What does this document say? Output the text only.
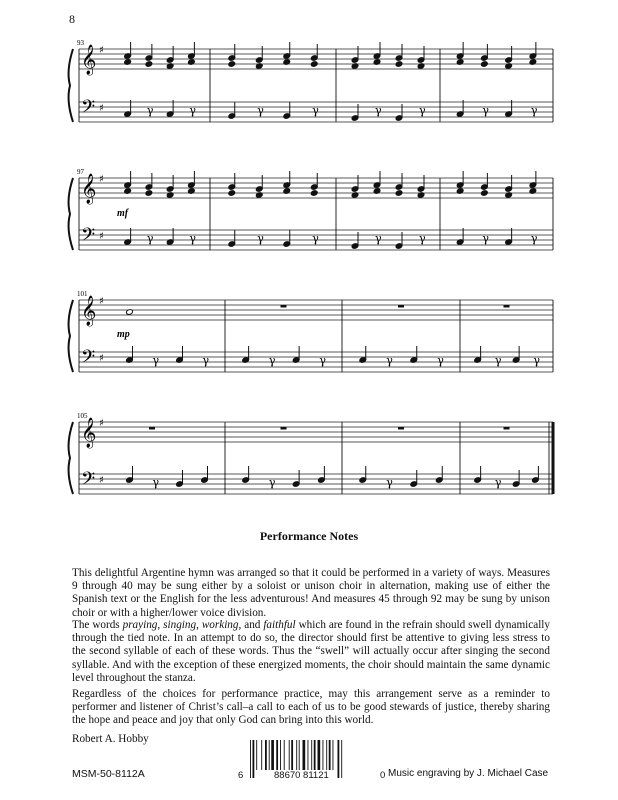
8
𝄞
𝄢
♯
♯
93
γ	γ	γ	γ	γ	γ	γ	γ
𝄞
𝄢
♯
♯
97
γ	γ	γ	γ	γ	γ	γ	γ
mf
𝄞
𝄢
♯
♯
101
γ	γ	γ	γ	γ	γ	γ	γ
mp
𝄞
𝄢
♯
♯
105
γ	γ	γ	γ
Performance Notes
This delightful Argentine hymn was arranged so that it could be performed in a variety of ways. Measures 9 through 40 may be sung either by a soloist or unison choir in alternation, making use of either the Spanish text or the English for the less adventurous! And measures 45 through 92 may be sung by unison choir or with a higher/lower voice division.
The words praying, singing, working, and faithful which are found in the refrain should swell dynamically through the tied note. In an attempt to do so, the director should first be attentive to giving less stress to the second syllable of each of these words. Thus the “swell” will actually occur after singing the second syllable. And with the exception of these energized moments, the choir should maintain the same dynamic level throughout the stanza.
Regardless of the choices for performance practice, may this arrangement serve as a reminder to performer and listener of Christ’s call–a call to each of us to be good stewards of justice, thereby sharing the hope and peace and joy that only God can bring into this world.
Robert A. Hobby
MSM-50-8112A	6	88670 81121	0 Music engraving by J. Michael Case
